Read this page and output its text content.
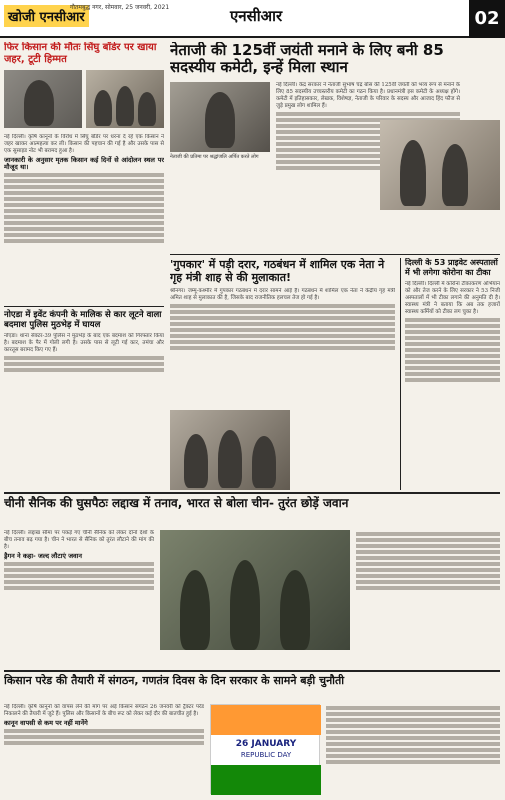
खोजी एनसीआर
गौतमबुद्ध नगर, सोमवार, 25 जनवरी, 2021	एनसीआर	02
फिर किसान की मौतः सिंघु बॉर्डर पर खाया जहर, टूटी हिम्मत
नई दिल्ली। कृषि कानूनों के विरोध में सिंघु बॉर्डर पर धरना दे रहे एक किसान ने जहर खाकर आत्महत्या कर ली। किसान की पहचान की गई है और उसके पास से एक सुसाइड नोट भी बरामद हुआ है।
जानकारी के अनुसार मृतक किसान कई दिनों से आंदोलन स्थल पर मौजूद था।
नोएडा में इवेंट कंपनी के मालिक से कार लूटने वाला बदमाश पुलिस मुठभेड़ में घायल
नोएडा। थाना सेक्टर-39 पुलिस ने मुठभेड़ के बाद एक बदमाश को गिरफ्तार किया है। बदमाश के पैर में गोली लगी है। उसके पास से लूटी गई कार, तमंचा और कारतूस बरामद किए गए हैं।
नेताजी की 125वीं जयंती मनाने के लिए बनी 85 सदस्यीय कमेटी, इन्हें मिला स्थान
नेताजी की प्रतिमा पर श्रद्धांजलि अर्पित करते लोग
नई दिल्ली। केंद्र सरकार ने नेताजी सुभाष चंद्र बोस की 125वीं जयंती को भव्य रूप से मनाने के लिए 85 सदस्यीय उच्चस्तरीय कमेटी का गठन किया है। प्रधानमंत्री इस कमेटी के अध्यक्ष होंगे। कमेटी में इतिहासकार, लेखक, विशेषज्ञ, नेताजी के परिवार के सदस्य और आजाद हिंद फौज से जुड़े प्रमुख लोग शामिल हैं।
'गुपकार' में पड़ी दरार, गठबंधन में शामिल एक नेता ने गृह मंत्री शाह से की मुलाकात!
श्रीनगर। जम्मू-कश्मीर में गुपकार गठबंधन में दरार सामने आई है। गठबंधन में शामिल एक नेता ने केंद्रीय गृह मंत्री अमित शाह से मुलाकात की है, जिसके बाद राजनीतिक हलचल तेज हो गई है।
दिल्ली के 53 प्राइवेट अस्पतालों में भी लगेगा कोरोना का टीका
नई दिल्ली। दिल्ली में कोरोना टीकाकरण अभियान को और तेज करने के लिए सरकार ने 53 निजी अस्पतालों में भी टीका लगाने की अनुमति दी है। स्वास्थ्य मंत्री ने बताया कि अब तक हजारों स्वास्थ्य कर्मियों को टीका लग चुका है।
चीनी सैनिक की घुसपैठः लद्दाख में तनाव, भारत से बोला चीन- तुरंत छोड़ें जवान
नई दिल्ली। लद्दाख सीमा पर पकड़े गए चीनी सैनिक को लेकर दोनों देशों के बीच तनाव बढ़ गया है। चीन ने भारत से सैनिक को तुरंत लौटाने की मांग की है।
ड्रैगन ने कहा- जल्द लौटाएं जवान
किसान परेड की तैयारी में संगठन, गणतंत्र दिवस के दिन सरकार के सामने बड़ी चुनौती
नई दिल्ली। कृषि कानूनों को वापस लेने की मांग पर अड़े किसान संगठन 26 जनवरी को ट्रैक्टर परेड निकालने की तैयारी में जुटे हैं। पुलिस और किसानों के बीच रूट को लेकर कई दौर की बातचीत हुई है।
कानून वापसी से कम पर नहीं मानेंगे
26 JANUARY
REPUBLIC DAY
